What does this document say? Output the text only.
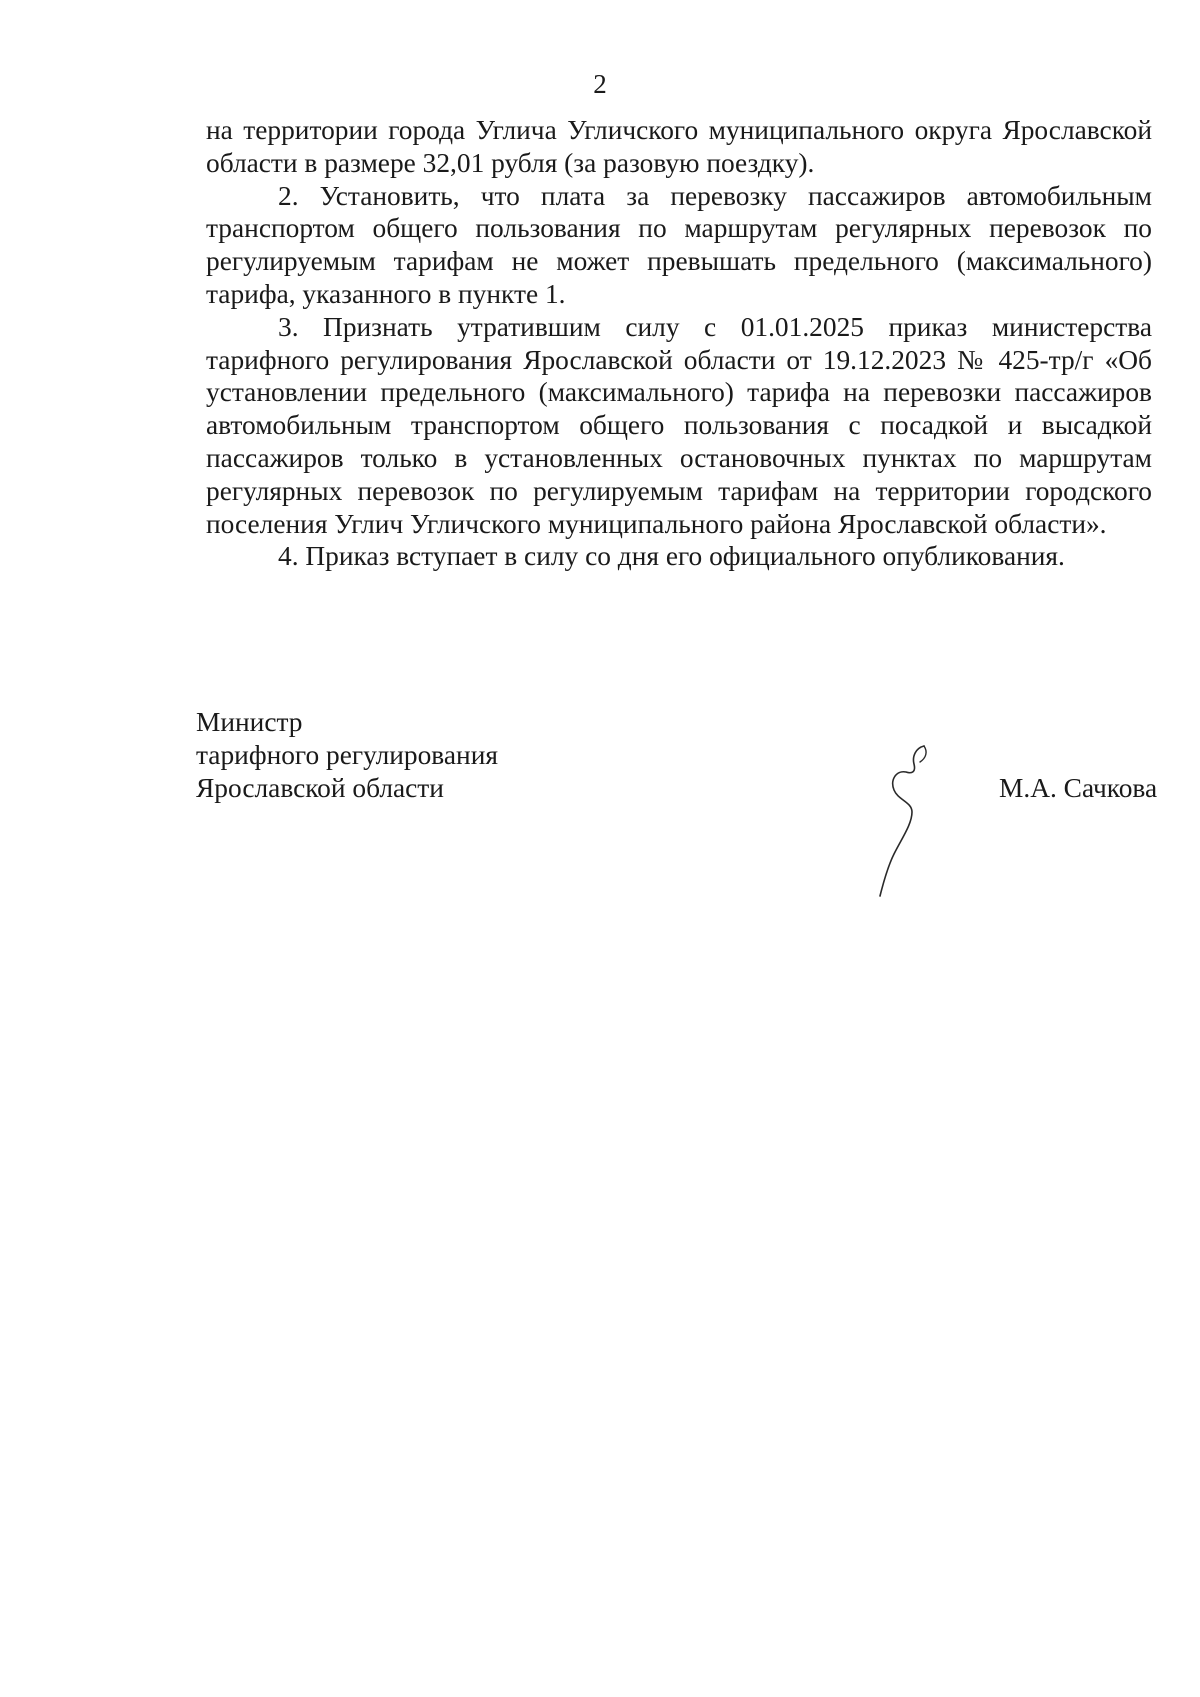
2

на территории города Углича Угличского муниципального округа Ярославской области в размере 32,01 рубля (за разовую поездку).

2. Установить, что плата за перевозку пассажиров автомобильным транспортом общего пользования по маршрутам регулярных перевозок по регулируемым тарифам не может превышать предельного (максимального) тарифа, указанного в пункте 1.

3. Признать утратившим силу с 01.01.2025 приказ министерства тарифного регулирования Ярославской области от 19.12.2023 № 425-тр/г «Об установлении предельного (максимального) тарифа на перевозки пассажиров автомобильным транспортом общего пользования с посадкой и высадкой пассажиров только в установленных остановочных пунктах по маршрутам регулярных перевозок по регулируемым тарифам на территории городского поселения Углич Угличского муниципального района Ярославской области».

4. Приказ вступает в силу со дня его официального опубликования.

Министр
тарифного регулирования
Ярославской области	М.А. Сачкова
